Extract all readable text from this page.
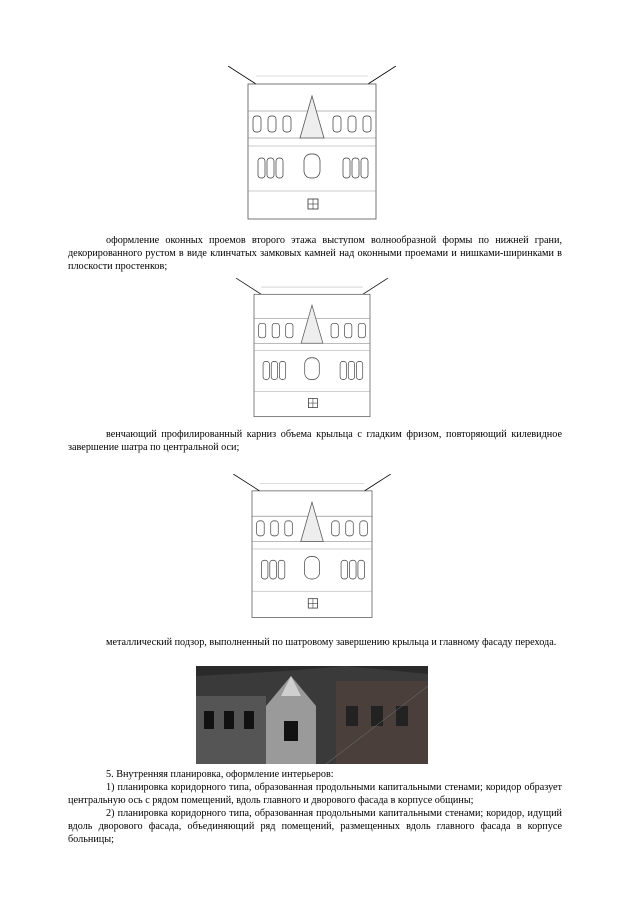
оформление оконных проемов второго этажа выступом волнообразной формы по нижней грани, декорированного рустом в виде клинчатых замковых камней над оконными проемами и нишками-ширинками в плоскости простенков;
венчающий профилированный карниз объема крыльца с гладким фризом, повторяющий килевидное завершение шатра по центральной оси;
металлический подзор, выполненный по шатровому завершению крыльца и главному фасаду перехода.
5. Внутренняя планировка, оформление интерьеров:
1) планировка коридорного типа, образованная продольными капитальными стенами; коридор образует центральную ось с рядом помещений, вдоль главного и дворового фасада в корпусе общины;
2) планировка коридорного типа, образованная продольными капитальными стенами; коридор, идущий вдоль дворового фасада, объединяющий ряд помещений, размещенных вдоль главного фасада в корпусе больницы;
